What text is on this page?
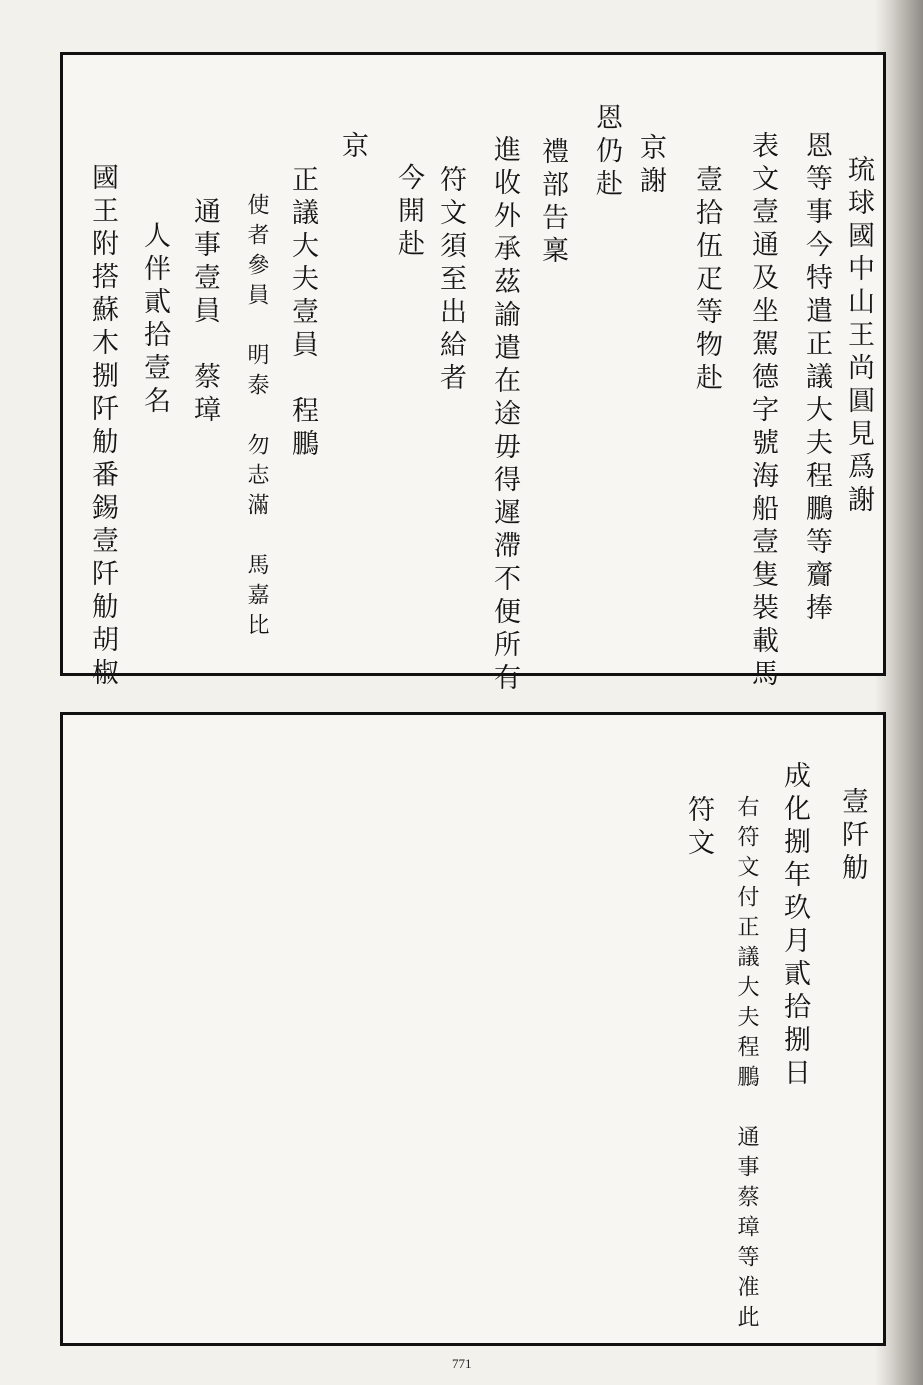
琉球國中山王尚圓見爲謝
恩等事今特遣正議大夫程鵬等齎捧
表文壹通及坐駕德字號海船壹隻裝載馬
壹拾伍疋等物赴
京謝
恩仍赴
禮部告稟
進收外承茲諭遣在途毋得遲滯不便所有
符文須至出給者
今開赴
京
正議大夫壹員　程鵬
使者參員　明泰　勿志滿　馬嘉比
通事壹員　蔡璋
人伴貳拾壹名
國王附搭蘇木捌阡觔番錫壹阡觔胡椒
壹阡觔
成化捌年玖月貳拾捌日
右符文付正議大夫程鵬　通事蔡璋等准此
符文
771
